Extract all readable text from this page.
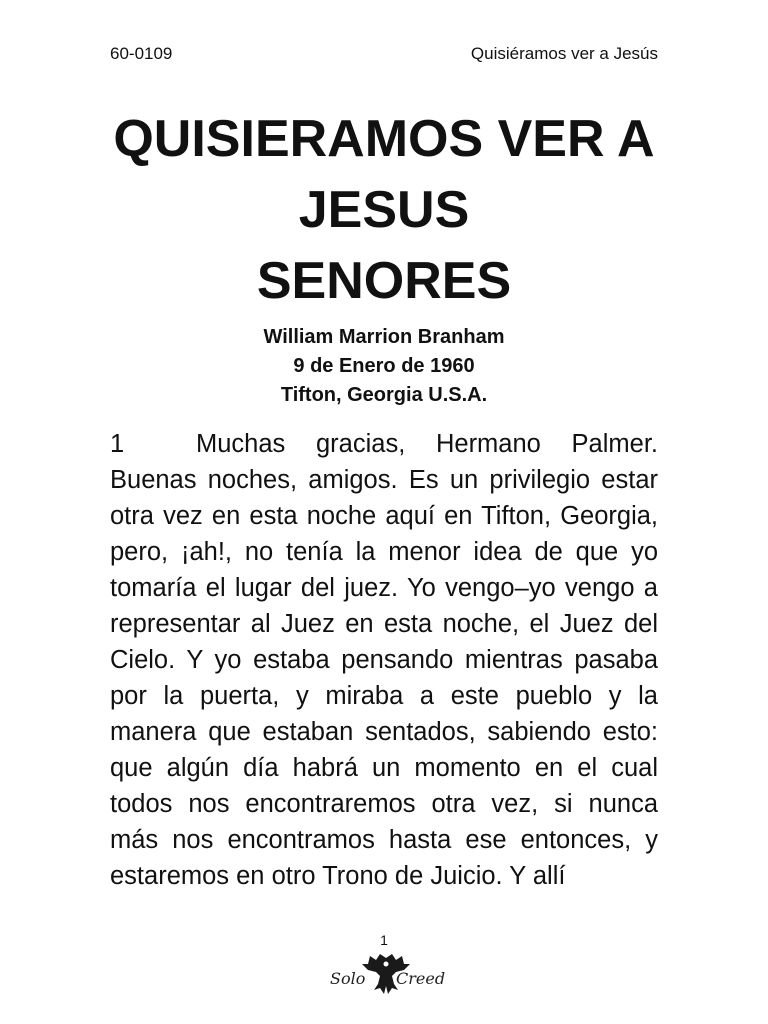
60-0109	Quisiéramos ver a Jesús
QUISIERAMOS VER A
JESUS
SENORES
William Marrion Branham
9 de Enero de 1960
Tifton, Georgia U.S.A.

1	Muchas gracias, Hermano Palmer. Buenas noches, amigos. Es un privilegio estar otra vez en esta noche aquí en Tifton, Georgia, pero, ¡ah!, no tenía la menor idea de que yo tomaría el lugar del juez. Yo vengo–yo vengo a representar al Juez en esta noche, el Juez del Cielo. Y yo estaba pensando mientras pasaba por la puerta, y miraba a este pueblo y la manera que estaban sentados, sabiendo esto: que algún día habrá un momento en el cual todos nos encontraremos otra vez, si nunca más nos encontramos hasta ese entonces, y estaremos en otro Trono de Juicio. Y allí

1
Solo Creed
